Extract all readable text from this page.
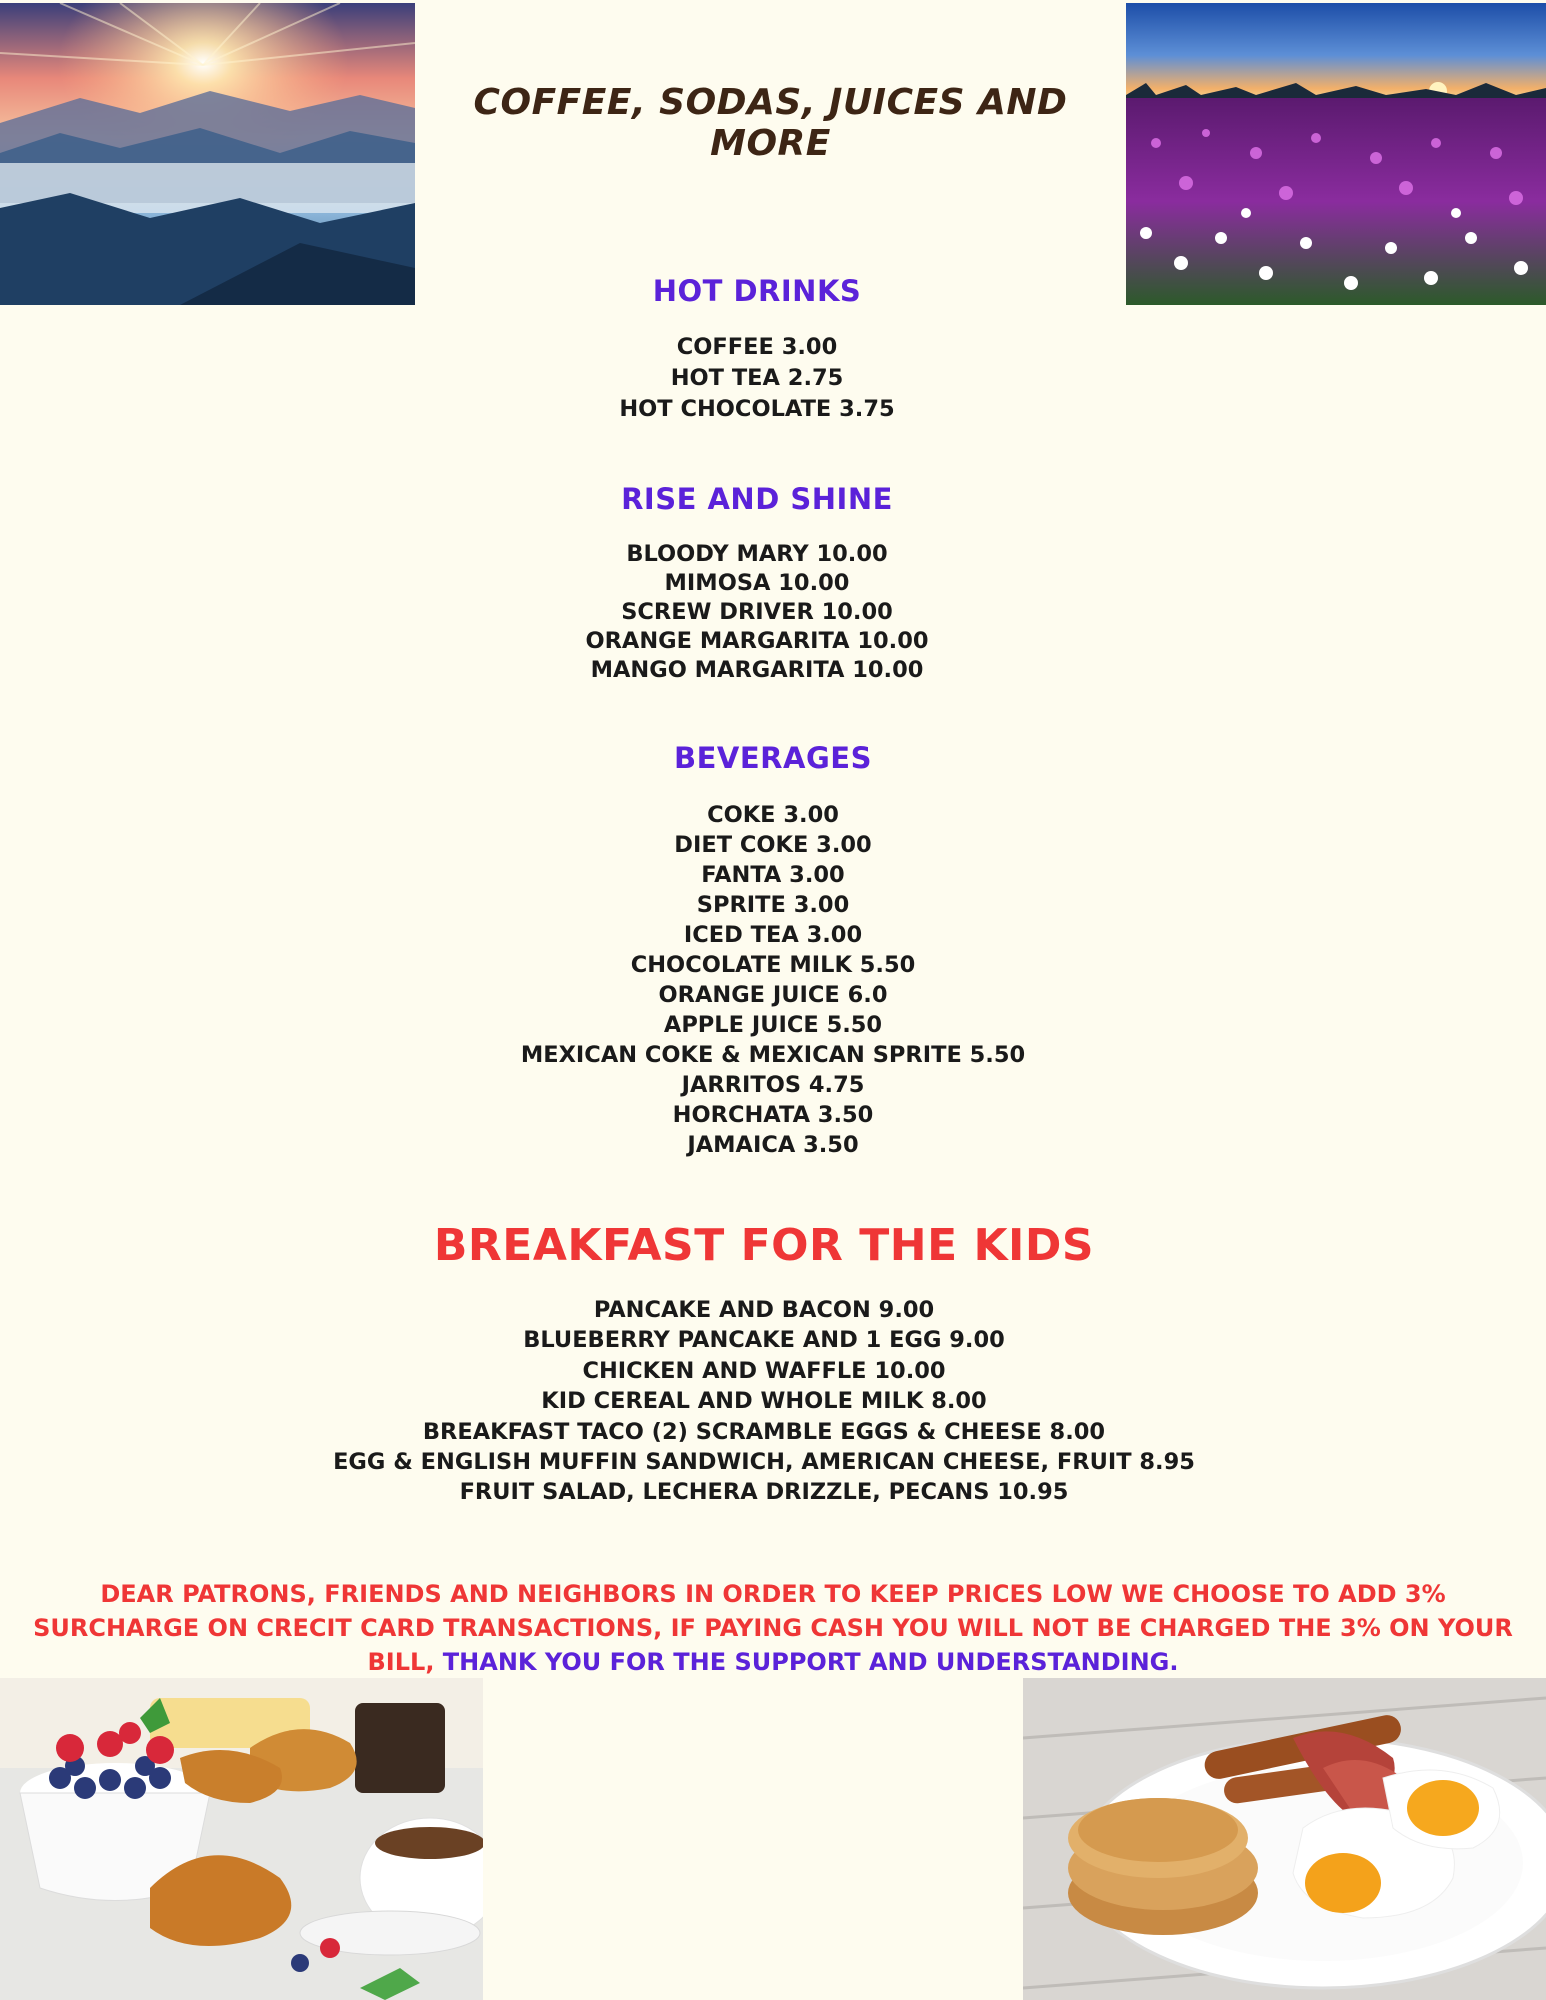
COFFEE, SODAS, JUICES AND MORE
HOT DRINKS
COFFEE 3.00
HOT TEA 2.75
HOT CHOCOLATE 3.75
RISE AND SHINE
BLOODY MARY 10.00
MIMOSA 10.00
SCREW DRIVER 10.00
ORANGE MARGARITA 10.00
MANGO MARGARITA 10.00
BEVERAGES
COKE 3.00
DIET COKE 3.00
FANTA 3.00
SPRITE 3.00
ICED TEA 3.00
CHOCOLATE MILK 5.50
ORANGE JUICE 6.0
APPLE JUICE 5.50
MEXICAN COKE & MEXICAN SPRITE 5.50
JARRITOS 4.75
HORCHATA 3.50
JAMAICA 3.50
BREAKFAST FOR THE KIDS
PANCAKE AND BACON 9.00
BLUEBERRY PANCAKE AND 1 EGG 9.00
CHICKEN AND WAFFLE 10.00
KID CEREAL AND WHOLE MILK 8.00
BREAKFAST TACO (2) SCRAMBLE EGGS & CHEESE 8.00
EGG & ENGLISH MUFFIN SANDWICH, AMERICAN CHEESE, FRUIT 8.95
FRUIT SALAD, LECHERA DRIZZLE, PECANS 10.95
DEAR PATRONS, FRIENDS AND NEIGHBORS IN ORDER TO KEEP PRICES LOW WE CHOOSE TO ADD 3%
SURCHARGE ON CRECIT CARD TRANSACTIONS, IF PAYING CASH YOU WILL NOT BE CHARGED THE 3% ON YOUR
BILL, THANK YOU FOR THE SUPPORT AND UNDERSTANDING.
